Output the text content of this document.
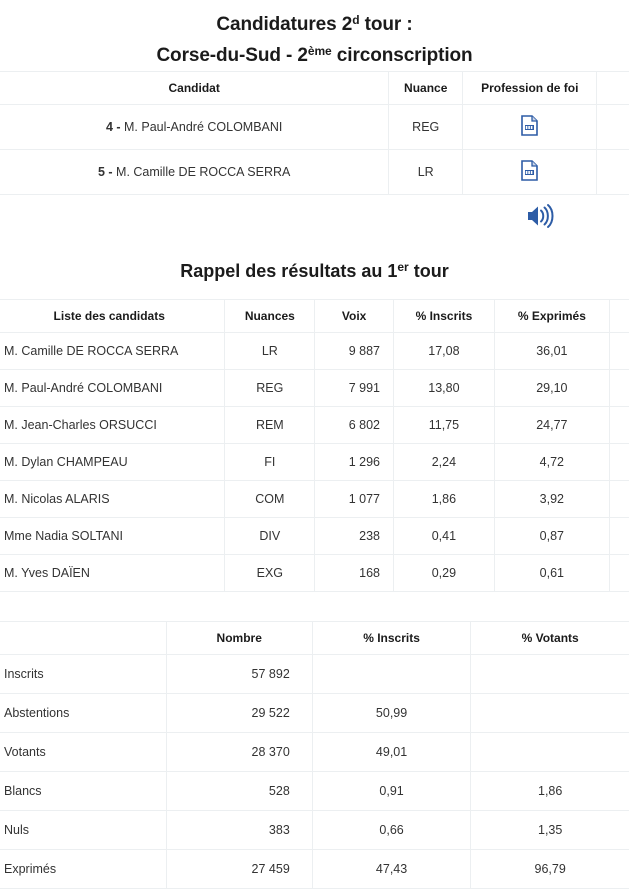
Candidatures 2$^d$ tour :
Corse-du-Sud - 2ème circonscription
Candidat	Nuance	Profession de foi	
4 - M. Paul-André COLOMBANI	REG	

5 - M. Camille DE ROCCA SERRA	LR	

Rappel des résultats au 1er tour
Liste des candidats	Nuances	Voix	% Inscrits	% Exprimés	
M. Camille DE ROCCA SERRA	LR	9 887	17,08	36,01	
M. Paul-André COLOMBANI	REG	7 991	13,80	29,10	
M. Jean-Charles ORSUCCI	REM	6 802	11,75	24,77	
M. Dylan CHAMPEAU	FI	1 296	2,24	4,72	
M. Nicolas ALARIS	COM	1 077	1,86	3,92	
Mme Nadia SOLTANI	DIV	238	0,41	0,87	
M. Yves DAÏEN	EXG	168	0,29	0,61	
	Nombre	% Inscrits	% Votants
Inscrits	57 892		
Abstentions	29 522	50,99	
Votants	28 370	49,01	
Blancs	528	0,91	1,86
Nuls	383	0,66	1,35
Exprimés	27 459	47,43	96,79
